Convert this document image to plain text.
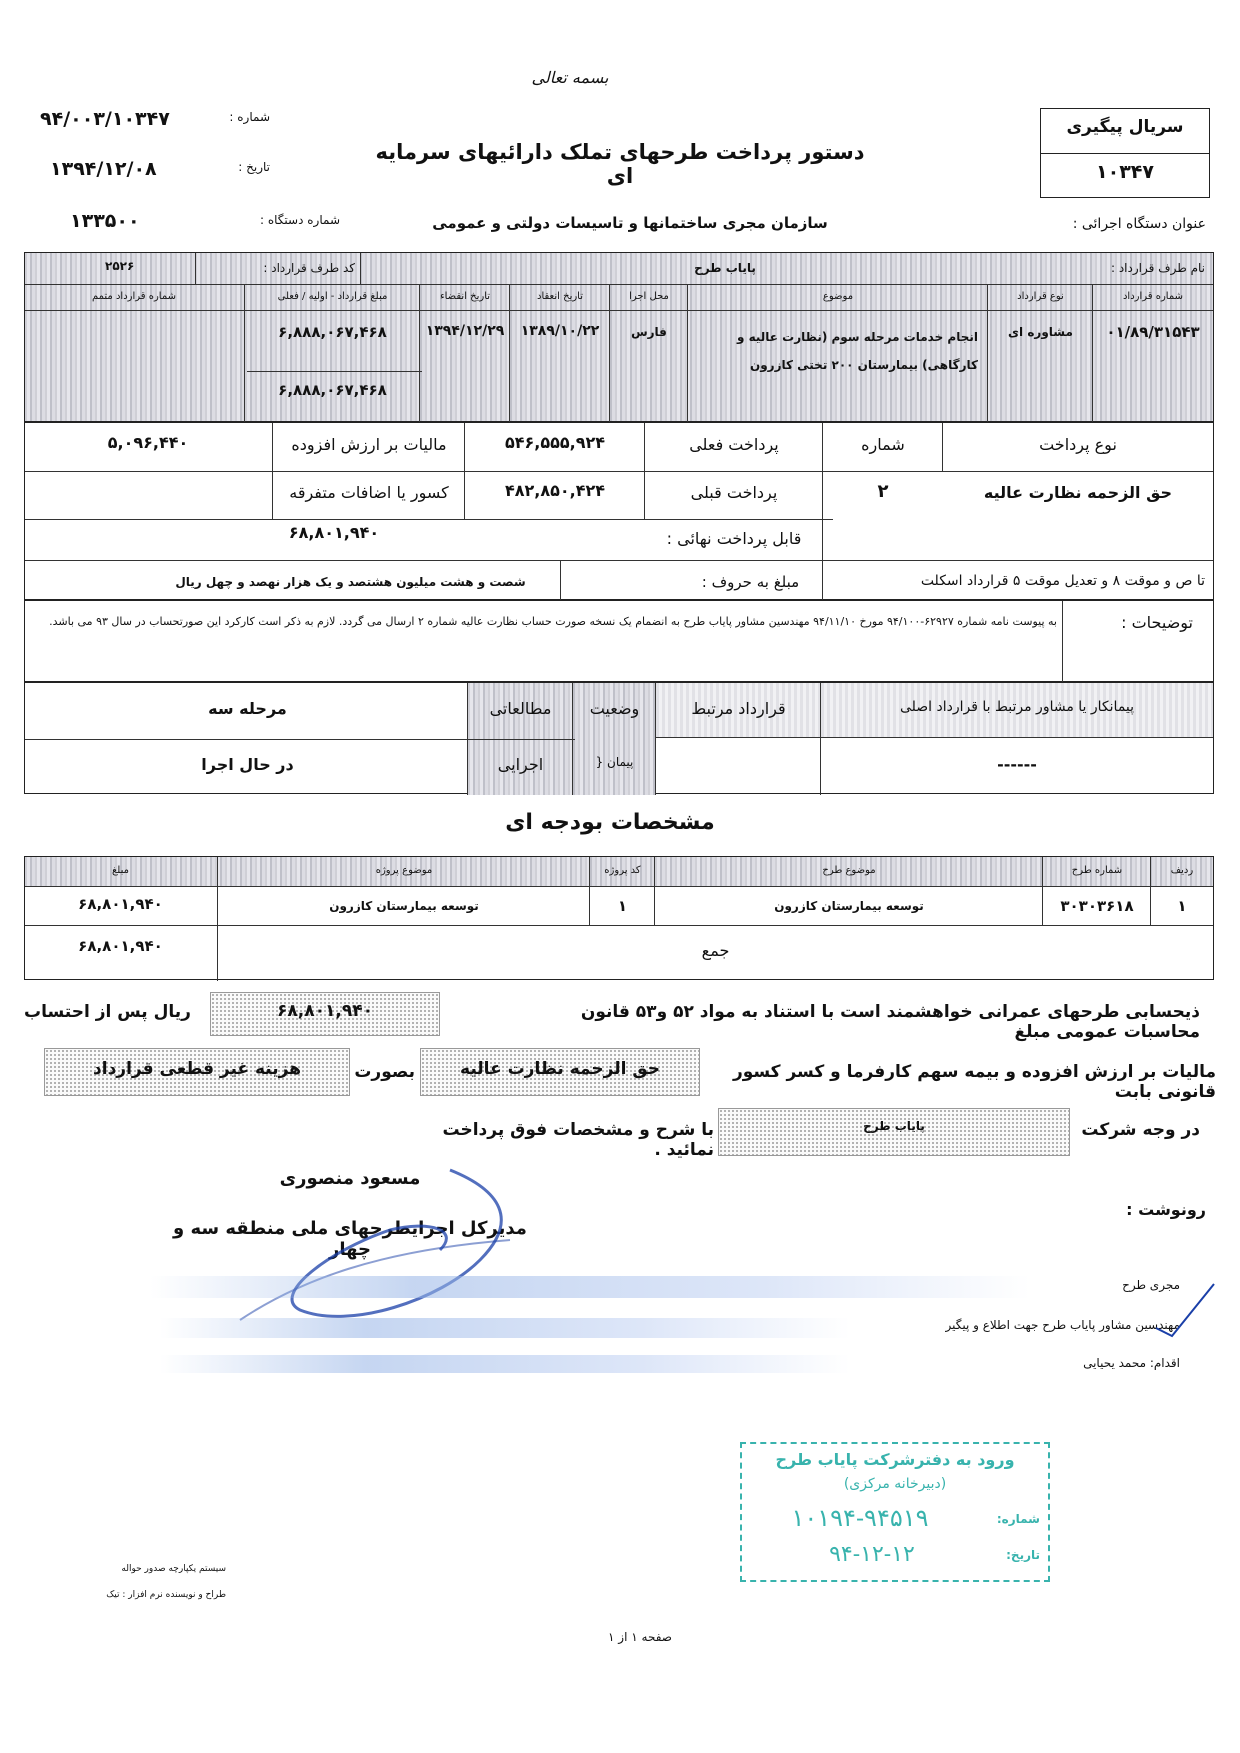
بسمه تعالی
شماره :
۹۴/۰۰۳/۱۰۳۴۷
تاریخ :
۱۳۹۴/۱۲/۰۸
شماره دستگاه :
۱۳۳۵۰۰
دستور پرداخت طرحهای تملک دارائیهای سرمایه ای
سریال پیگیری
۱۰۳۴۷
عنوان دستگاه اجرائی :
سازمان مجری ساختمانها و تاسیسات دولتی و عمومی
نام طرف قرارداد :
پایاب طرح
کد طرف قرارداد :
۲۵۲۶
شماره قرارداد
نوع قرارداد
موضوع
محل اجرا
تاریخ انعقاد
تاریخ انقضاء
مبلغ قرارداد - اولیه / فعلی
شماره قرارداد متمم
۰۱/۸۹/۳۱۵۴۳
مشاوره ای
انجام خدمات مرحله سوم (نظارت عالیه و کارگاهی) بیمارستان ۲۰۰ تختی کازرون
فارس
۱۳۸۹/۱۰/۲۲
۱۳۹۴/۱۲/۲۹
۶,۸۸۸,۰۶۷,۴۶۸
۶,۸۸۸,۰۶۷,۴۶۸
نوع پرداخت
شماره
پرداخت فعلی
۵۴۶,۵۵۵,۹۲۴
مالیات بر ارزش افزوده
۵,۰۹۶,۴۴۰
حق الزحمه نظارت عالیه
۲
پرداخت قبلی
۴۸۲,۸۵۰,۴۲۴
کسور یا اضافات متفرقه
قابل پرداخت نهائی :
۶۸,۸۰۱,۹۴۰
تا ص و موقت ۸ و تعدیل موقت ۵ قرارداد اسکلت
مبلغ به حروف :
شصت و هشت میلیون هشتصد و یک هزار نهصد و چهل ریال
توضیحات :
به پیوست نامه شماره ۶۲۹۲۷-۹۴/۱۰۰ مورخ ۹۴/۱۱/۱۰ مهندسین مشاور پایاب طرح به انضمام یک نسخه صورت حساب نظارت عالیه شماره ۲ ارسال می گردد. لازم به ذکر است کارکرد این صورتحساب در سال ۹۳ می باشد.
پیمانکار یا مشاور مرتبط با قرارداد اصلی
------
قرارداد مرتبط
وضعیت
پیمان {
مطالعاتی
اجرایی
مرحله سه
در حال اجرا
مشخصات بودجه ای
ردیف
شماره طرح
موضوع طرح
کد پروژه
موضوع پروژه
مبلغ
۱
۳۰۳۰۳۶۱۸
توسعه بیمارستان کازرون
۱
توسعه بیمارستان کازرون
۶۸,۸۰۱,۹۴۰
جمع
۶۸,۸۰۱,۹۴۰
ذیحسابی طرحهای عمرانی خواهشمند است با استناد به مواد ۵۲ و۵۳ قانون محاسبات عمومی مبلغ
۶۸,۸۰۱,۹۴۰
ریال پس از احتساب
مالیات بر ارزش افزوده و بیمه سهم کارفرما و کسر کسور قانونی بابت
حق الزحمه نظارت عالیه
بصورت
هزینه غیر قطعی قرارداد
در وجه شرکت
پایاب طرح
با شرح و مشخصات فوق پرداخت نمائید .
مسعود منصوری
مدیرکل اجرایطرحهای ملی منطقه سه و چهار
رونوشت :
مجری طرح
مهندسین مشاور پایاب طرح جهت اطلاع و پیگیر
اقدام: محمد یحیایی
ورود به دفترشرکت پایاب طرح
(دبیرخانه مرکزی)
شماره:
۱۰۱۹۴-۹۴۵۱۹
تاریخ:
۹۴-۱۲-۱۲
سیستم یکپارچه صدور حواله
طراح و نویسنده نرم افزار : تیک
صفحه ۱ از ۱
